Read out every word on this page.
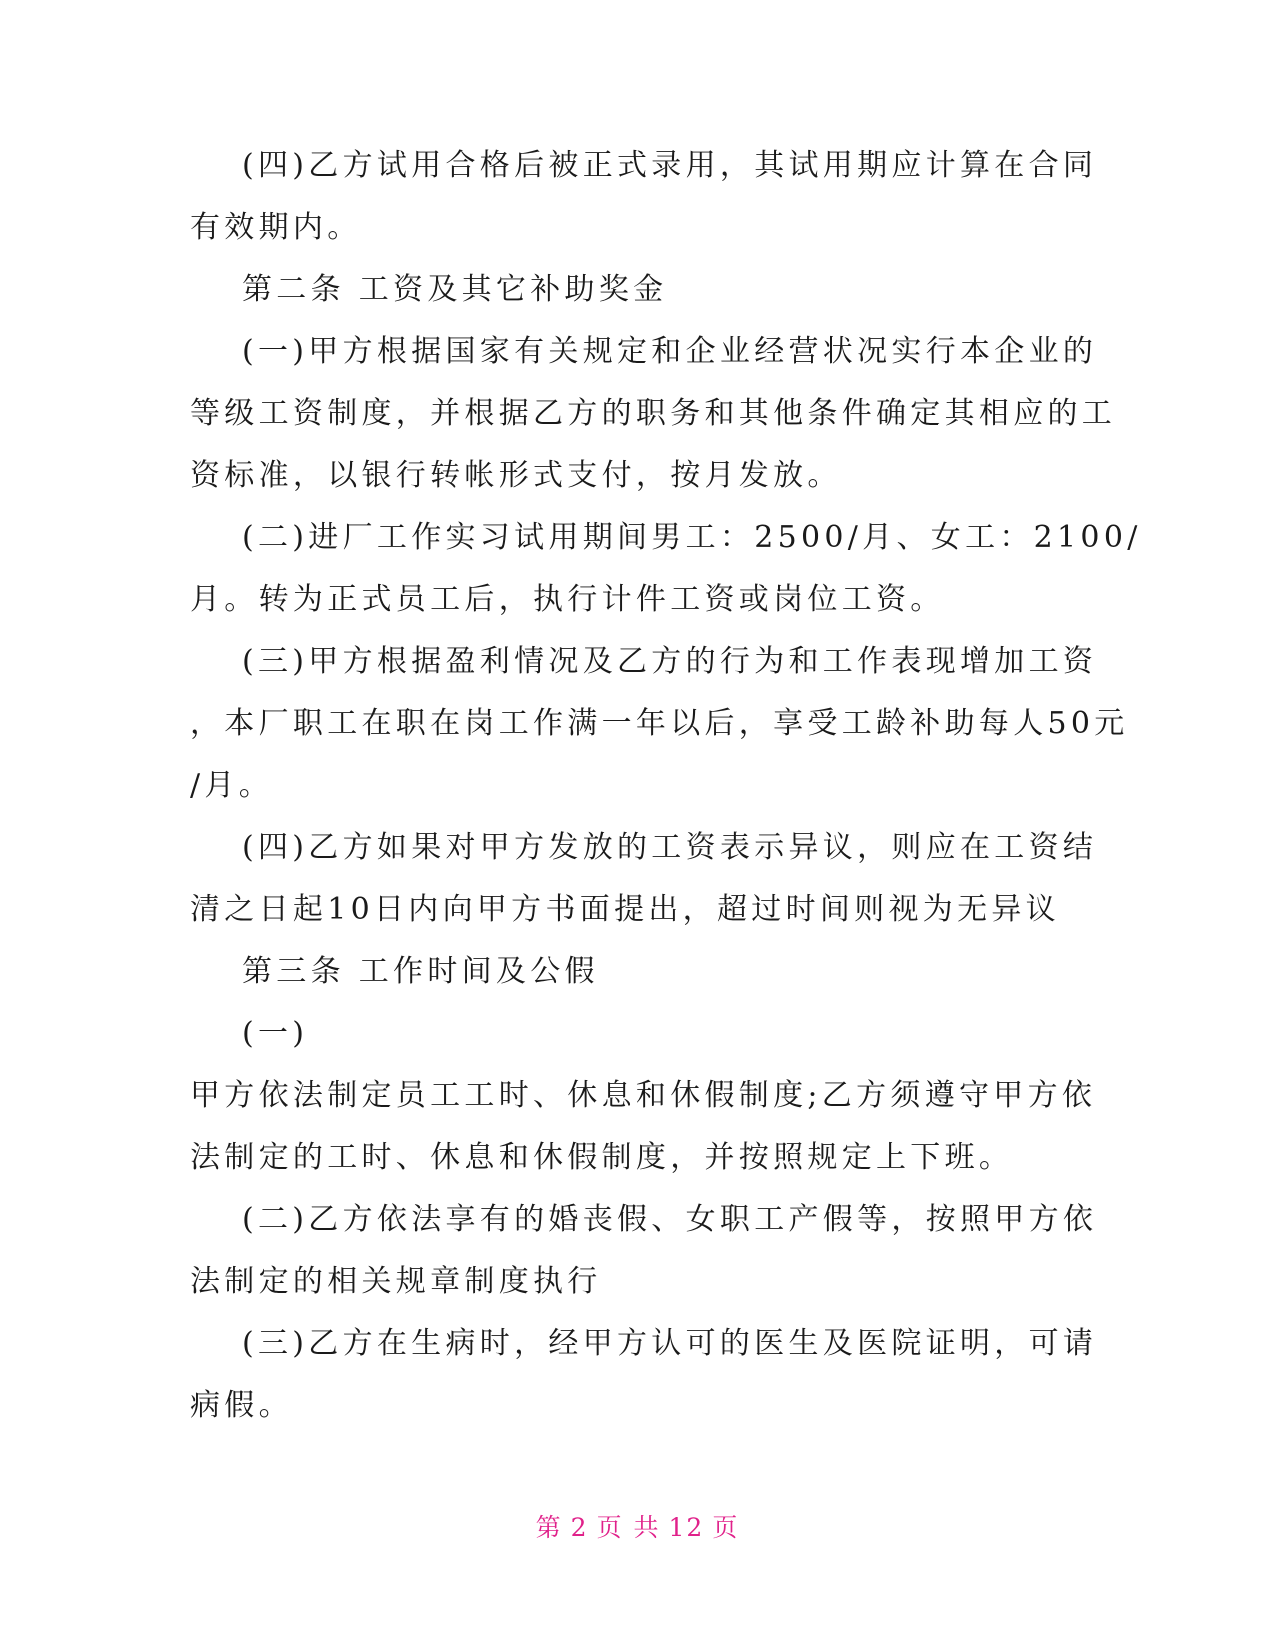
(四)乙方试用合格后被正式录用，其试用期应计算在合同
有效期内。
第二条 工资及其它补助奖金
(一)甲方根据国家有关规定和企业经营状况实行本企业的
等级工资制度，并根据乙方的职务和其他条件确定其相应的工
资标准，以银行转帐形式支付，按月发放。
(二)进厂工作实习试用期间男工：2500/月、女工：2100/
月。转为正式员工后，执行计件工资或岗位工资。
(三)甲方根据盈利情况及乙方的行为和工作表现增加工资
，本厂职工在职在岗工作满一年以后，享受工龄补助每人50元
/月。
(四)乙方如果对甲方发放的工资表示异议，则应在工资结
清之日起10日内向甲方书面提出，超过时间则视为无异议
第三条 工作时间及公假
(一)
甲方依法制定员工工时、休息和休假制度;乙方须遵守甲方依
法制定的工时、休息和休假制度，并按照规定上下班。
(二)乙方依法享有的婚丧假、女职工产假等，按照甲方依
法制定的相关规章制度执行
(三)乙方在生病时，经甲方认可的医生及医院证明，可请
病假。
第 2 页 共 12 页
